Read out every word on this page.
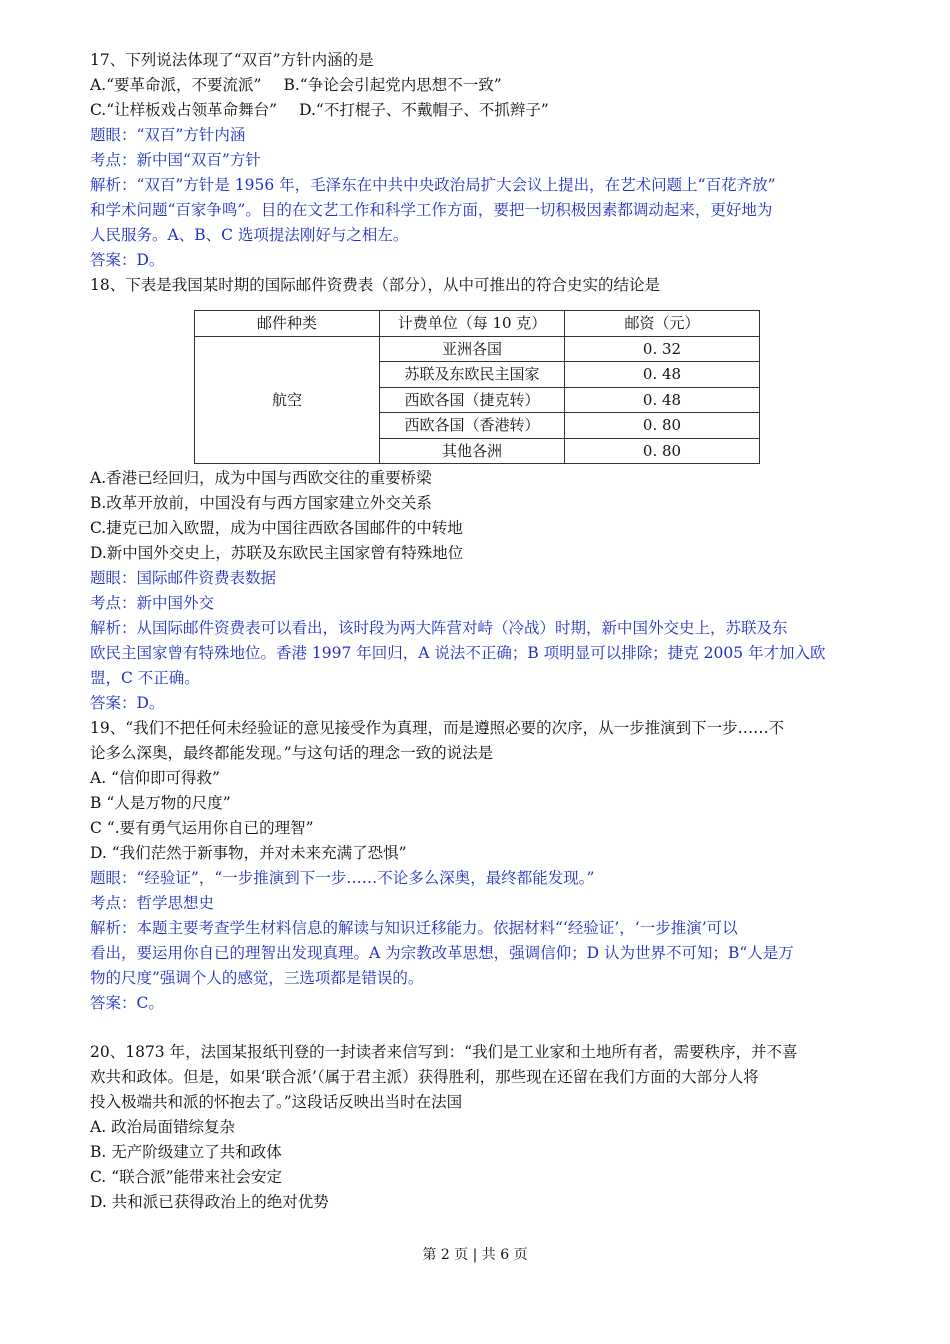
17、下列说法体现了“双百”方针内涵的是

A.“要革命派，不要流派” B.“争论会引起党内思想不一致”
C.“让样板戏占领革命舞台” D.“不打棍子、不戴帽子、不抓辫子”

题眼：“双百”方针内涵

考点：新中国“双百”方针

解析：“双百”方针是 1956 年，毛泽东在中共中央政治局扩大会议上提出，在艺术问题上“百花齐放”

和学术问题“百家争鸣”。目的在文艺工作和科学工作方面，要把一切积极因素都调动起来，更好地为

人民服务。A、B、C 选项提法刚好与之相左。

答案：D。

18、下表是我国某时期的国际邮件资费表（部分），从中可推出的符合史实的结论是

邮件种类	计费单位（每 10 克）	邮资（元）
航空	亚洲各国	0. 32
	苏联及东欧民主国家	0. 48
	西欧各国（捷克转）	0. 48
	西欧各国（香港转）	0. 80
	其他各洲	0. 80

A.香港已经回归，成为中国与西欧交往的重要桥梁

B.改革开放前，中国没有与西方国家建立外交关系

C.捷克已加入欧盟，成为中国往西欧各国邮件的中转地

D.新中国外交史上，苏联及东欧民主国家曾有特殊地位

题眼：国际邮件资费表数据

考点：新中国外交

解析：从国际邮件资费表可以看出，该时段为两大阵营对峙（冷战）时期，新中国外交史上，苏联及东

欧民主国家曾有特殊地位。香港 1997 年回归，A 说法不正确；B 项明显可以排除；捷克 2005 年才加入欧

盟，C 不正确。

答案：D。

19、“我们不把任何未经验证的意见接受作为真理，而是遵照必要的次序，从一步推演到下一步……不

论多么深奥，最终都能发现。”与这句话的理念一致的说法是

A. “信仰即可得救”

B “人是万物的尺度”

C “.要有勇气运用你自已的理智”

D. “我们茫然于新事物，并对未来充满了恐惧”

题眼：“经验证”，“一步推演到下一步……不论多么深奥，最终都能发现。”

考点：哲学思想史

解析：本题主要考查学生材料信息的解读与知识迁移能力。依据材料“‘经验证’，‘一步推演’可以

看出，要运用你自已的理智出发现真理。A 为宗教改革思想，强调信仰；D 认为世界不可知；B“人是万

物的尺度”强调个人的感觉，三选项都是错误的。

答案：C。

20、1873 年，法国某报纸刊登的一封读者来信写到：“我们是工业家和土地所有者，需要秩序，并不喜

欢共和政体。但是，如果‘联合派’（属于君主派）获得胜利，那些现在还留在我们方面的大部分人将

投入极端共和派的怀抱去了。”这段话反映出当时在法国

A. 政治局面错综复杂

B. 无产阶级建立了共和政体

C. “联合派”能带来社会安定

D. 共和派已获得政治上的绝对优势

第 2 页 | 共 6 页
